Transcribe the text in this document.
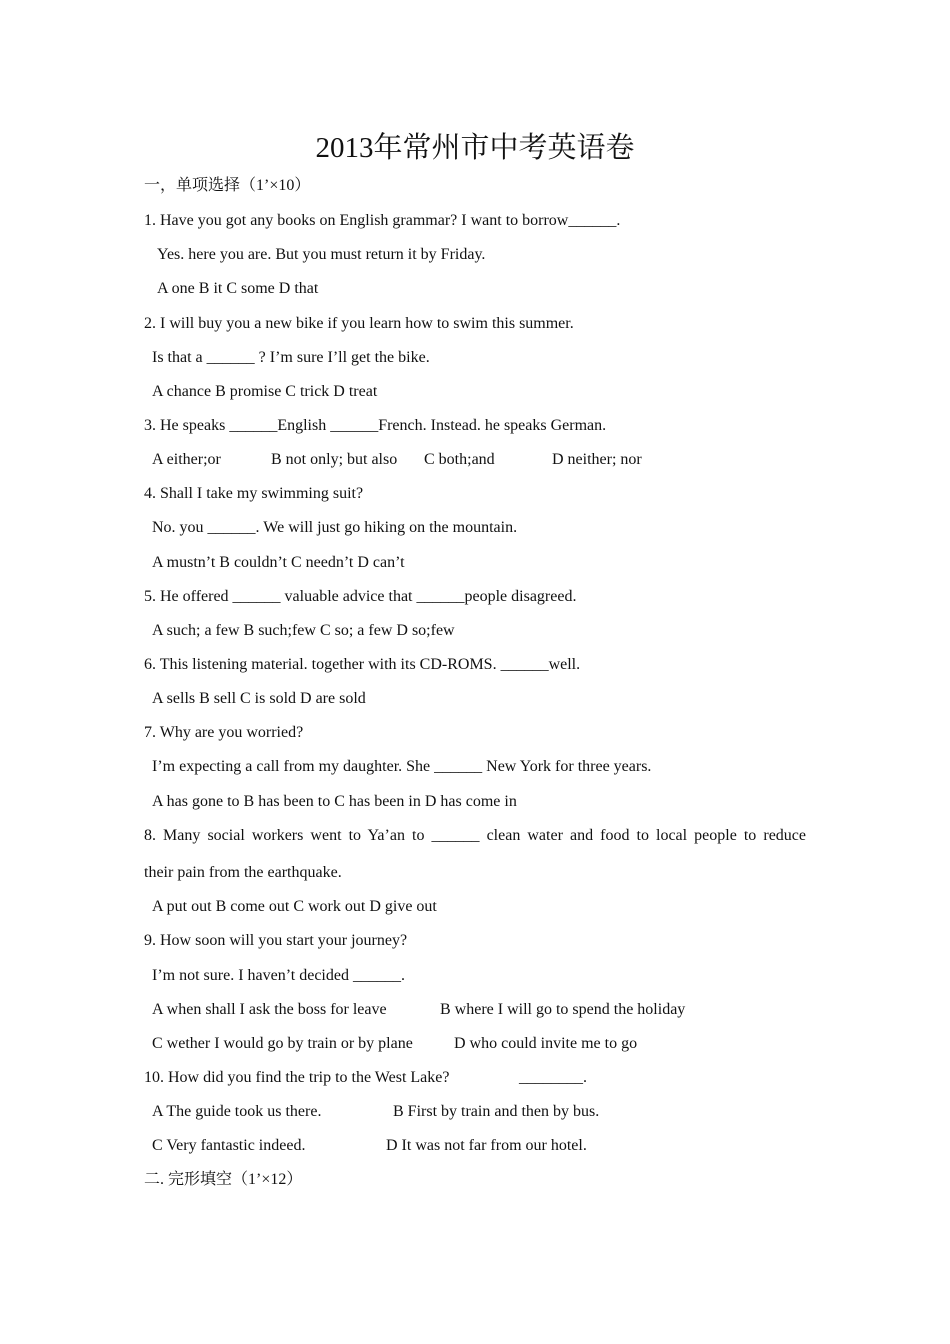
2013年常州市中考英语卷
一，单项选择（1’×10）
1. Have you got any books on English grammar? I want to borrow______.
Yes. here you are. But you must return it by Friday.
A one B it C some D that
2. I will buy you a new bike if you learn how to swim this summer.
Is that a ______ ? I’m sure I’ll get the bike.
A chance B promise C trick D treat
3. He speaks ______English ______French. Instead. he speaks German.
A either;or	B not only; but also C both;and	D neither; nor
4. Shall I take my swimming suit?
No. you ______. We will just go hiking on the mountain.
A mustn’t B couldn’t C needn’t D can’t
5. He offered ______ valuable advice that ______people disagreed.
A such; a few B such;few C so; a few D so;few
6. This listening material. together with its CD-ROMS. ______well.
A sells B sell C is sold D are sold
7. Why are you worried?
I’m expecting a call from my daughter. She ______ New York for three years.
A has gone to B has been to C has been in D has come in
8. Many social workers went to Ya’an to ______ clean water and food to local people to reduce
their pain from the earthquake.
A put out B come out C work out D give out
9. How soon will you start your journey?
I’m not sure. I haven’t decided ______.
A when shall I ask the boss for leave	B where I will go to spend the holiday
C wether I would go by train or by plane	D who could invite me to go
10. How did you find the trip to the West Lake?	________.
A The guide took us there.	B First by train and then by bus.
C Very fantastic indeed.	D It was not far from our hotel.
二. 完形填空（1’×12）
